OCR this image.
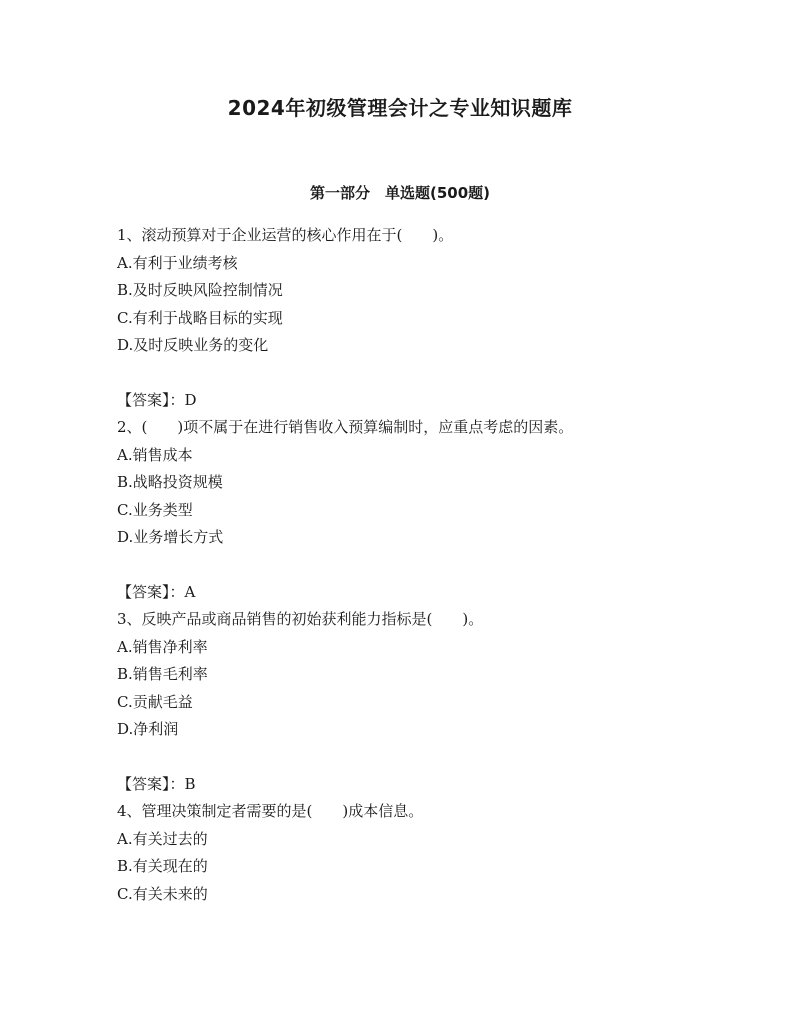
2024年初级管理会计之专业知识题库
第一部分　单选题(500题)

1、滚动预算对于企业运营的核心作用在于(　　)。

A.有利于业绩考核

B.及时反映风险控制情况

C.有利于战略目标的实现

D.及时反映业务的变化

【答案】：D

2、(　　)项不属于在进行销售收入预算编制时，应重点考虑的因素。

A.销售成本

B.战略投资规模

C.业务类型

D.业务增长方式

【答案】：A

3、反映产品或商品销售的初始获利能力指标是(　　)。

A.销售净利率

B.销售毛利率

C.贡献毛益

D.净利润

【答案】：B

4、管理决策制定者需要的是(　　)成本信息。

A.有关过去的

B.有关现在的

C.有关未来的
